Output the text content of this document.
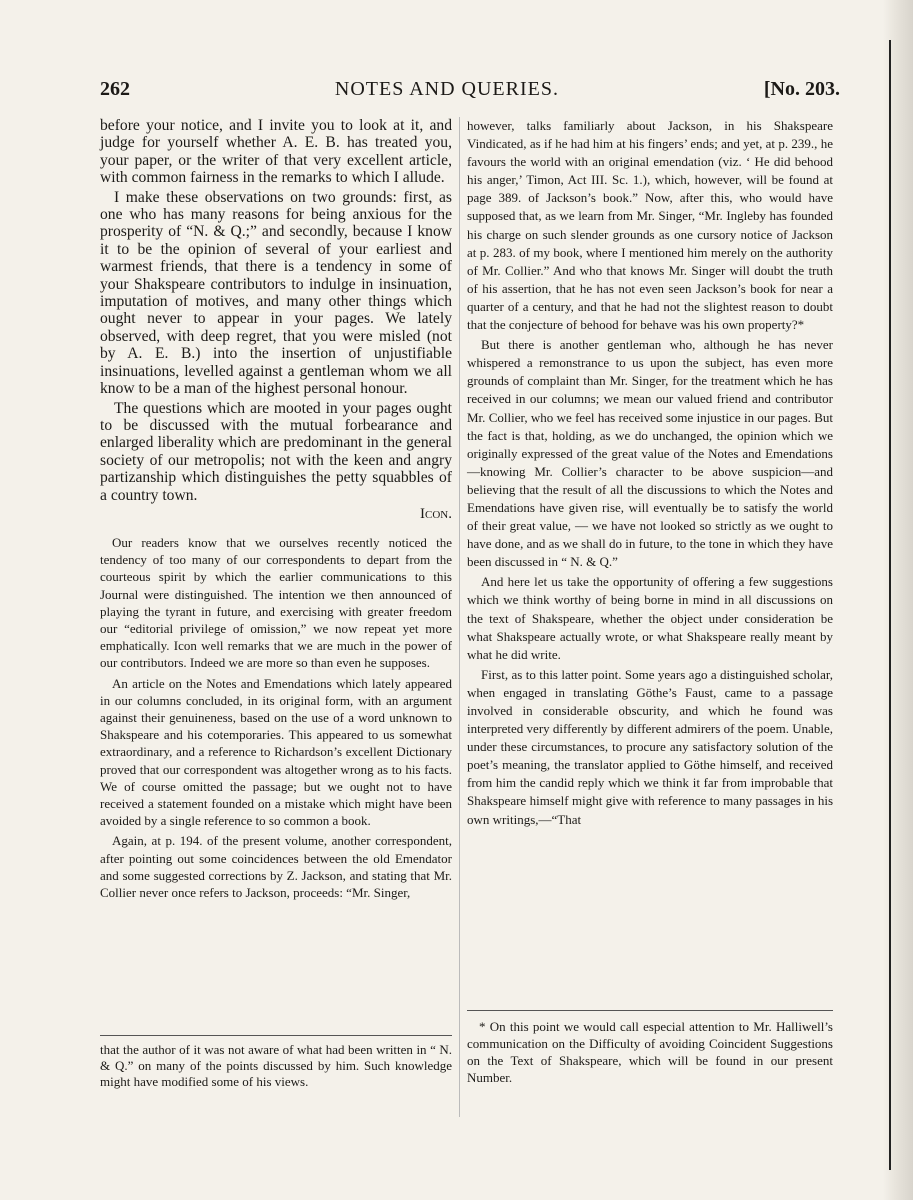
262	NOTES AND QUERIES.	[No. 203.

before your notice, and I invite you to look at it, and judge for yourself whether A. E. B. has treated you, your paper, or the writer of that very excellent article, with common fairness in the remarks to which I allude.

I make these observations on two grounds: first, as one who has many reasons for being anxious for the prosperity of “N. & Q.;” and secondly, because I know it to be the opinion of several of your earliest and warmest friends, that there is a tendency in some of your Shakspeare contributors to indulge in insinuation, imputation of motives, and many other things which ought never to appear in your pages. We lately observed, with deep regret, that you were misled (not by A. E. B.) into the insertion of unjustifiable insinuations, levelled against a gentleman whom we all know to be a man of the highest personal honour.

The questions which are mooted in your pages ought to be discussed with the mutual forbearance and enlarged liberality which are predominant in the general society of our metropolis; not with the keen and angry partizanship which distinguishes the petty squabbles of a country town.

Icon.

Our readers know that we ourselves recently noticed the tendency of too many of our correspondents to depart from the courteous spirit by which the earlier communications to this Journal were distinguished. The intention we then announced of playing the tyrant in future, and exercising with greater freedom our “editorial privilege of omission,” we now repeat yet more emphatically. Icon well remarks that we are much in the power of our contributors. Indeed we are more so than even he supposes.

An article on the Notes and Emendations which lately appeared in our columns concluded, in its original form, with an argument against their genuineness, based on the use of a word unknown to Shakspeare and his cotemporaries. This appeared to us somewhat extraordinary, and a reference to Richardson’s excellent Dictionary proved that our correspondent was altogether wrong as to his facts. We of course omitted the passage; but we ought not to have received a statement founded on a mistake which might have been avoided by a single reference to so common a book.

Again, at p. 194. of the present volume, another correspondent, after pointing out some coincidences between the old Emendator and some suggested corrections by Z. Jackson, and stating that Mr. Collier never once refers to Jackson, proceeds: “Mr. Singer,

that the author of it was not aware of what had been written in “ N. & Q.” on many of the points discussed by him. Such knowledge might have modified some of his views.

however, talks familiarly about Jackson, in his Shakspeare Vindicated, as if he had him at his fingers’ ends; and yet, at p. 239., he favours the world with an original emendation (viz. ‘ He did behood his anger,’ Timon, Act III. Sc. 1.), which, however, will be found at page 389. of Jackson’s book.” Now, after this, who would have supposed that, as we learn from Mr. Singer, “Mr. Ingleby has founded his charge on such slender grounds as one cursory notice of Jackson at p. 283. of my book, where I mentioned him merely on the authority of Mr. Collier.” And who that knows Mr. Singer will doubt the truth of his assertion, that he has not even seen Jackson’s book for near a quarter of a century, and that he had not the slightest reason to doubt that the conjecture of behood for behave was his own property?*

But there is another gentleman who, although he has never whispered a remonstrance to us upon the subject, has even more grounds of complaint than Mr. Singer, for the treatment which he has received in our columns; we mean our valued friend and contributor Mr. Collier, who we feel has received some injustice in our pages. But the fact is that, holding, as we do unchanged, the opinion which we originally expressed of the great value of the Notes and Emendations—knowing Mr. Collier’s character to be above suspicion—and believing that the result of all the discussions to which the Notes and Emendations have given rise, will eventually be to satisfy the world of their great value, — we have not looked so strictly as we ought to have done, and as we shall do in future, to the tone in which they have been discussed in “ N. & Q.”

And here let us take the opportunity of offering a few suggestions which we think worthy of being borne in mind in all discussions on the text of Shakspeare, whether the object under consideration be what Shakspeare actually wrote, or what Shakspeare really meant by what he did write.

First, as to this latter point. Some years ago a distinguished scholar, when engaged in translating Göthe’s Faust, came to a passage involved in considerable obscurity, and which he found was interpreted very differently by different admirers of the poem. Unable, under these circumstances, to procure any satisfactory solution of the poet’s meaning, the translator applied to Göthe himself, and received from him the candid reply which we think it far from improbable that Shakspeare himself might give with reference to many passages in his own writings,—“That

* On this point we would call especial attention to Mr. Halliwell’s communication on the Difficulty of avoiding Coincident Suggestions on the Text of Shakspeare, which will be found in our present Number.
